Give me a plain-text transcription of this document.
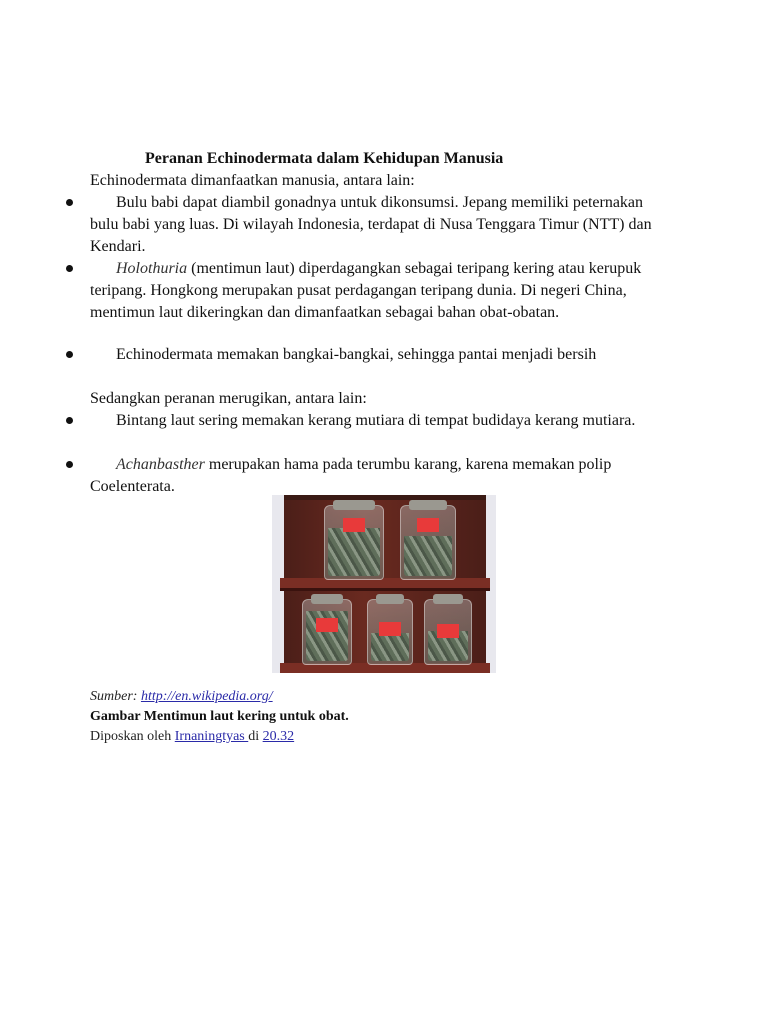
Peranan Echinodermata dalam Kehidupan Manusia
Echinodermata dimanfaatkan manusia, antara lain:
Bulu babi dapat diambil gonadnya untuk dikonsumsi. Jepang memiliki peternakan bulu babi yang luas. Di wilayah Indonesia, terdapat di Nusa Tenggara Timur (NTT) dan Kendari.
Holothuria (mentimun laut) diperdagangkan sebagai teripang kering atau kerupuk teripang. Hongkong merupakan pusat perdagangan teripang dunia. Di negeri China, mentimun laut dikeringkan dan dimanfaatkan sebagai bahan obat-obatan.
Echinodermata memakan bangkai-bangkai, sehingga pantai menjadi bersih
Sedangkan peranan merugikan, antara lain:
Bintang laut sering memakan kerang mutiara di tempat budidaya kerang mutiara.
Achanbasther merupakan hama pada terumbu karang, karena memakan polip Coelenterata.
Sumber: http://en.wikipedia.org/
Gambar Mentimun laut kering untuk obat.
Diposkan oleh Irnaningtyas di 20.32
